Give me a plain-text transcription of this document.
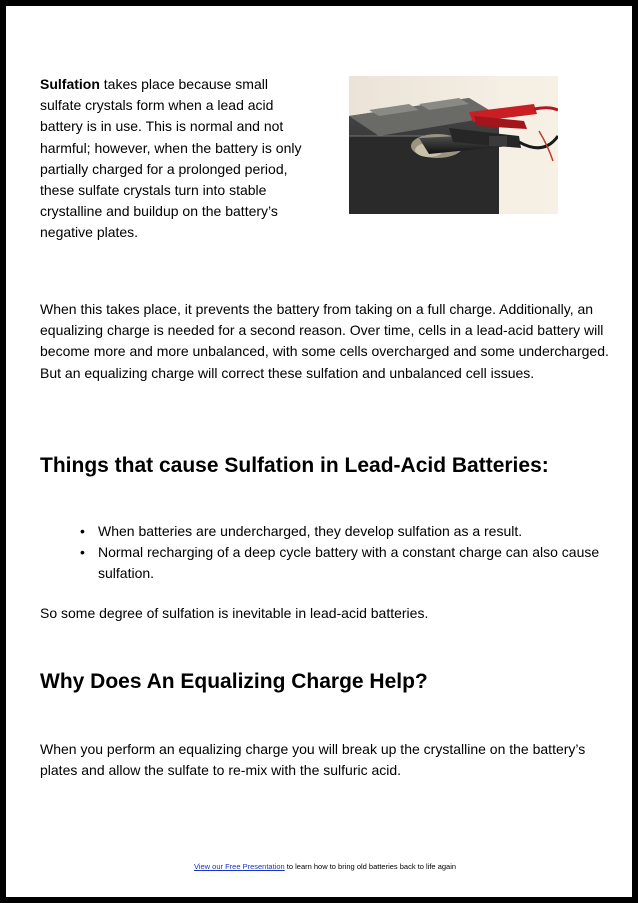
Sulfation takes place because small sulfate crystals form when a lead acid battery is in use. This is normal and not harmful; however, when the battery is only partially charged for a prolonged period, these sulfate crystals turn into stable crystalline and buildup on the battery’s negative plates.
When this takes place, it prevents the battery from taking on a full charge. Additionally, an equalizing charge is needed for a second reason. Over time, cells in a lead-acid battery will become more and more unbalanced, with some cells overcharged and some undercharged. But an equalizing charge will correct these sulfation and unbalanced cell issues.
Things that cause Sulfation in Lead-Acid Batteries:
• When batteries are undercharged, they develop sulfation as a result.
• Normal recharging of a deep cycle battery with a constant charge can also cause sulfation.
So some degree of sulfation is inevitable in lead-acid batteries.
Why Does An Equalizing Charge Help?
When you perform an equalizing charge you will break up the crystalline on the battery’s plates and allow the sulfate to re-mix with the sulfuric acid.
View our Free Presentation to learn how to bring old batteries back to life again
